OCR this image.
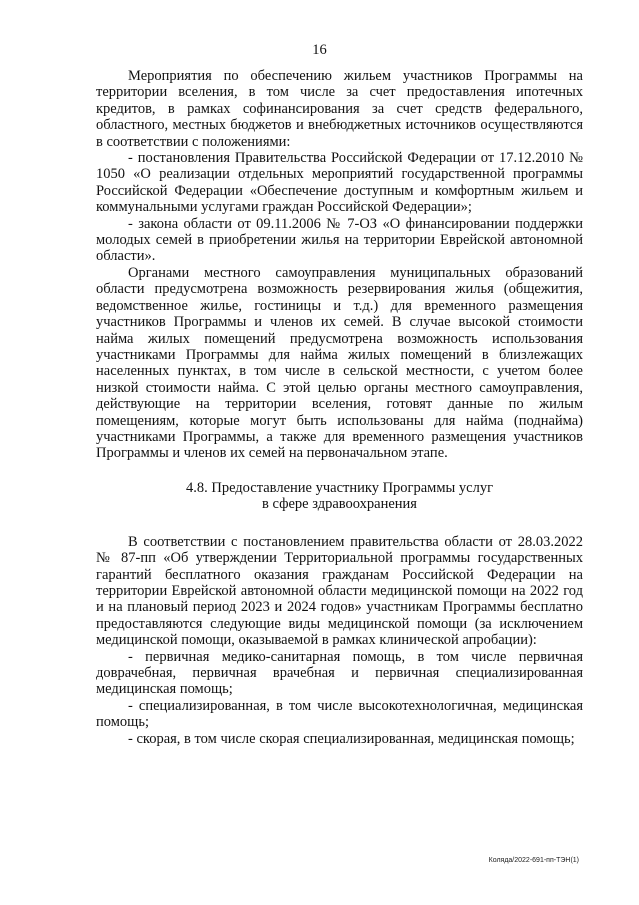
16

Мероприятия по обеспечению жильем участников Программы на территории вселения, в том числе за счет предоставления ипотечных кредитов, в рамках софинансирования за счет средств федерального, областного, местных бюджетов и внебюджетных источников осуществляются в соответствии с положениями:

- постановления Правительства Российской Федерации от 17.12.2010 № 1050 «О реализации отдельных мероприятий государственной программы Российской Федерации «Обеспечение доступным и комфортным жильем и коммунальными услугами граждан Российской Федерации»;

- закона области от 09.11.2006 № 7-ОЗ «О финансировании поддержки молодых семей в приобретении жилья на территории Еврейской автономной области».

Органами местного самоуправления муниципальных образований области предусмотрена возможность резервирования жилья (общежития, ведомственное жилье, гостиницы и т.д.) для временного размещения участников Программы и членов их семей. В случае высокой стоимости найма жилых помещений предусмотрена возможность использования участниками Программы для найма жилых помещений в близлежащих населенных пунктах, в том числе в сельской местности, с учетом более низкой стоимости найма. С этой целью органы местного самоуправления, действующие на территории вселения, готовят данные по жилым помещениям, которые могут быть использованы для найма (поднайма) участниками Программы, а также для временного размещения участников Программы и членов их семей на первоначальном этапе.

4.8. Предоставление участнику Программы услуг
в сфере здравоохранения

В соответствии с постановлением правительства области от 28.03.2022 № 87-пп «Об утверждении Территориальной программы государственных гарантий бесплатного оказания гражданам Российской Федерации на территории Еврейской автономной области медицинской помощи на 2022 год и на плановый период 2023 и 2024 годов» участникам Программы бесплатно предоставляются следующие виды медицинской помощи (за исключением медицинской помощи, оказываемой в рамках клинической апробации):

- первичная медико-санитарная помощь, в том числе первичная доврачебная, первичная врачебная и первичная специализированная медицинская помощь;

- специализированная, в том числе высокотехнологичная, медицинская помощь;

- скорая, в том числе скорая специализированная, медицинская помощь;

Коляда/2022-691-пп-ТЭН(1)
